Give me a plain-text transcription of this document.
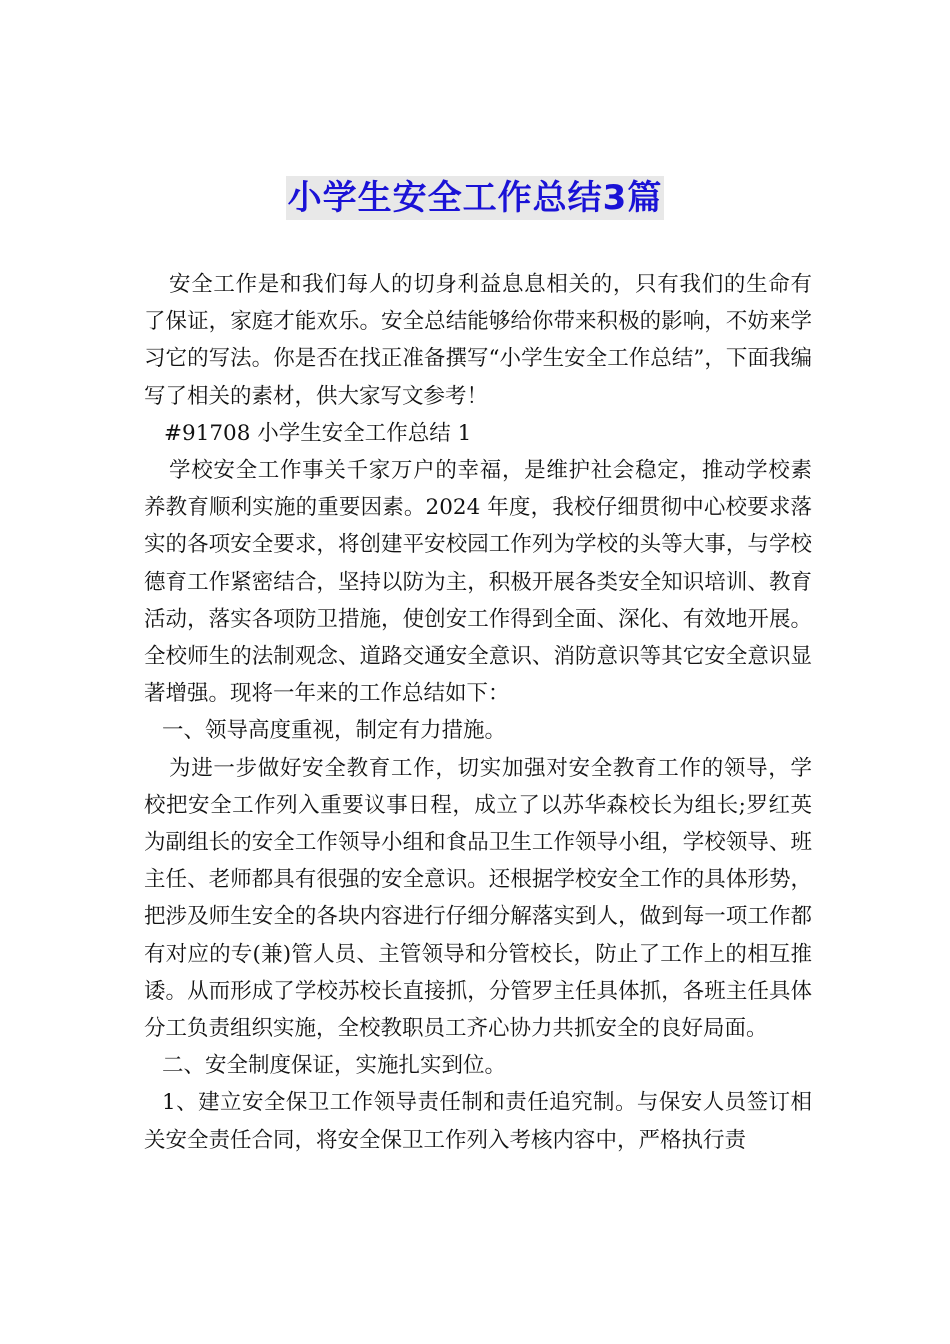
小学生安全工作总结3篇

安全工作是和我们每人的切身利益息息相关的，只有我们的生命有了保证，家庭才能欢乐。安全总结能够给你带来积极的影响，不妨来学习它的写法。你是否在找正准备撰写“小学生安全工作总结”，下面我编写了相关的素材，供大家写文参考！

#91708 小学生安全工作总结 1

学校安全工作事关千家万户的幸福，是维护社会稳定，推动学校素养教育顺利实施的重要因素。2024 年度，我校仔细贯彻中心校要求落实的各项安全要求，将创建平安校园工作列为学校的头等大事，与学校德育工作紧密结合，坚持以防为主，积极开展各类安全知识培训、教育活动，落实各项防卫措施，使创安工作得到全面、深化、有效地开展。全校师生的法制观念、道路交通安全意识、消防意识等其它安全意识显著增强。现将一年来的工作总结如下：

一、领导高度重视，制定有力措施。

为进一步做好安全教育工作，切实加强对安全教育工作的领导，学校把安全工作列入重要议事日程，成立了以苏华森校长为组长;罗红英为副组长的安全工作领导小组和食品卫生工作领导小组，学校领导、班主任、老师都具有很强的安全意识。还根据学校安全工作的具体形势，把涉及师生安全的各块内容进行仔细分解落实到人，做到每一项工作都有对应的专(兼)管人员、主管领导和分管校长，防止了工作上的相互推诿。从而形成了学校苏校长直接抓，分管罗主任具体抓，各班主任具体分工负责组织实施，全校教职员工齐心协力共抓安全的良好局面。

二、安全制度保证，实施扎实到位。

1、建立安全保卫工作领导责任制和责任追究制。与保安人员签订相关安全责任合同，将安全保卫工作列入考核内容中，严格执行责
